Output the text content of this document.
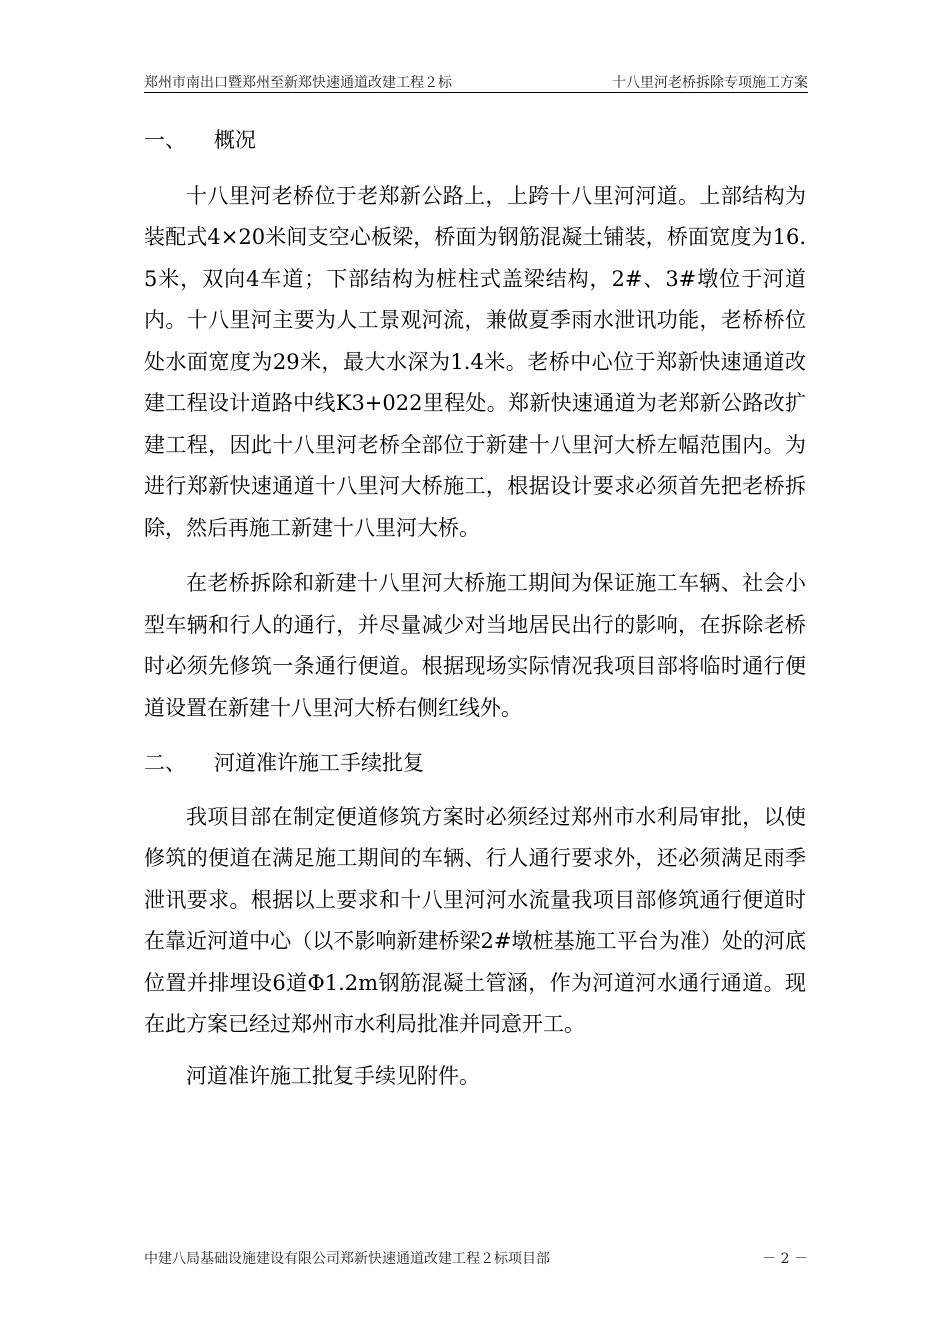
郑州市南出口暨郑州至新郑快速通道改建工程２标	十八里河老桥拆除专项施工方案
一、 概况

十八里河老桥位于老郑新公路上，上跨十八里河河道。上部结构为装配式4×20米间支空心板梁，桥面为钢筋混凝土铺装，桥面宽度为16.5米，双向4车道；下部结构为桩柱式盖梁结构，2#、3#墩位于河道内。十八里河主要为人工景观河流，兼做夏季雨水泄讯功能，老桥桥位处水面宽度为29米，最大水深为1.4米。老桥中心位于郑新快速通道改建工程设计道路中线K3+022里程处。郑新快速通道为老郑新公路改扩建工程，因此十八里河老桥全部位于新建十八里河大桥左幅范围内。为进行郑新快速通道十八里河大桥施工，根据设计要求必须首先把老桥拆除，然后再施工新建十八里河大桥。

在老桥拆除和新建十八里河大桥施工期间为保证施工车辆、社会小型车辆和行人的通行，并尽量减少对当地居民出行的影响，在拆除老桥时必须先修筑一条通行便道。根据现场实际情况我项目部将临时通行便道设置在新建十八里河大桥右侧红线外。

二、 河道准许施工手续批复

我项目部在制定便道修筑方案时必须经过郑州市水利局审批，以使修筑的便道在满足施工期间的车辆、行人通行要求外，还必须满足雨季泄讯要求。根据以上要求和十八里河河水流量我项目部修筑通行便道时在靠近河道中心（以不影响新建桥梁2#墩桩基施工平台为准）处的河底位置并排埋设6道Φ1.2m钢筋混凝土管涵，作为河道河水通行通道。现在此方案已经过郑州市水利局批准并同意开工。

河道准许施工批复手续见附件。

中建八局基础设施建设有限公司郑新快速通道改建工程２标项目部	－ 2 －
